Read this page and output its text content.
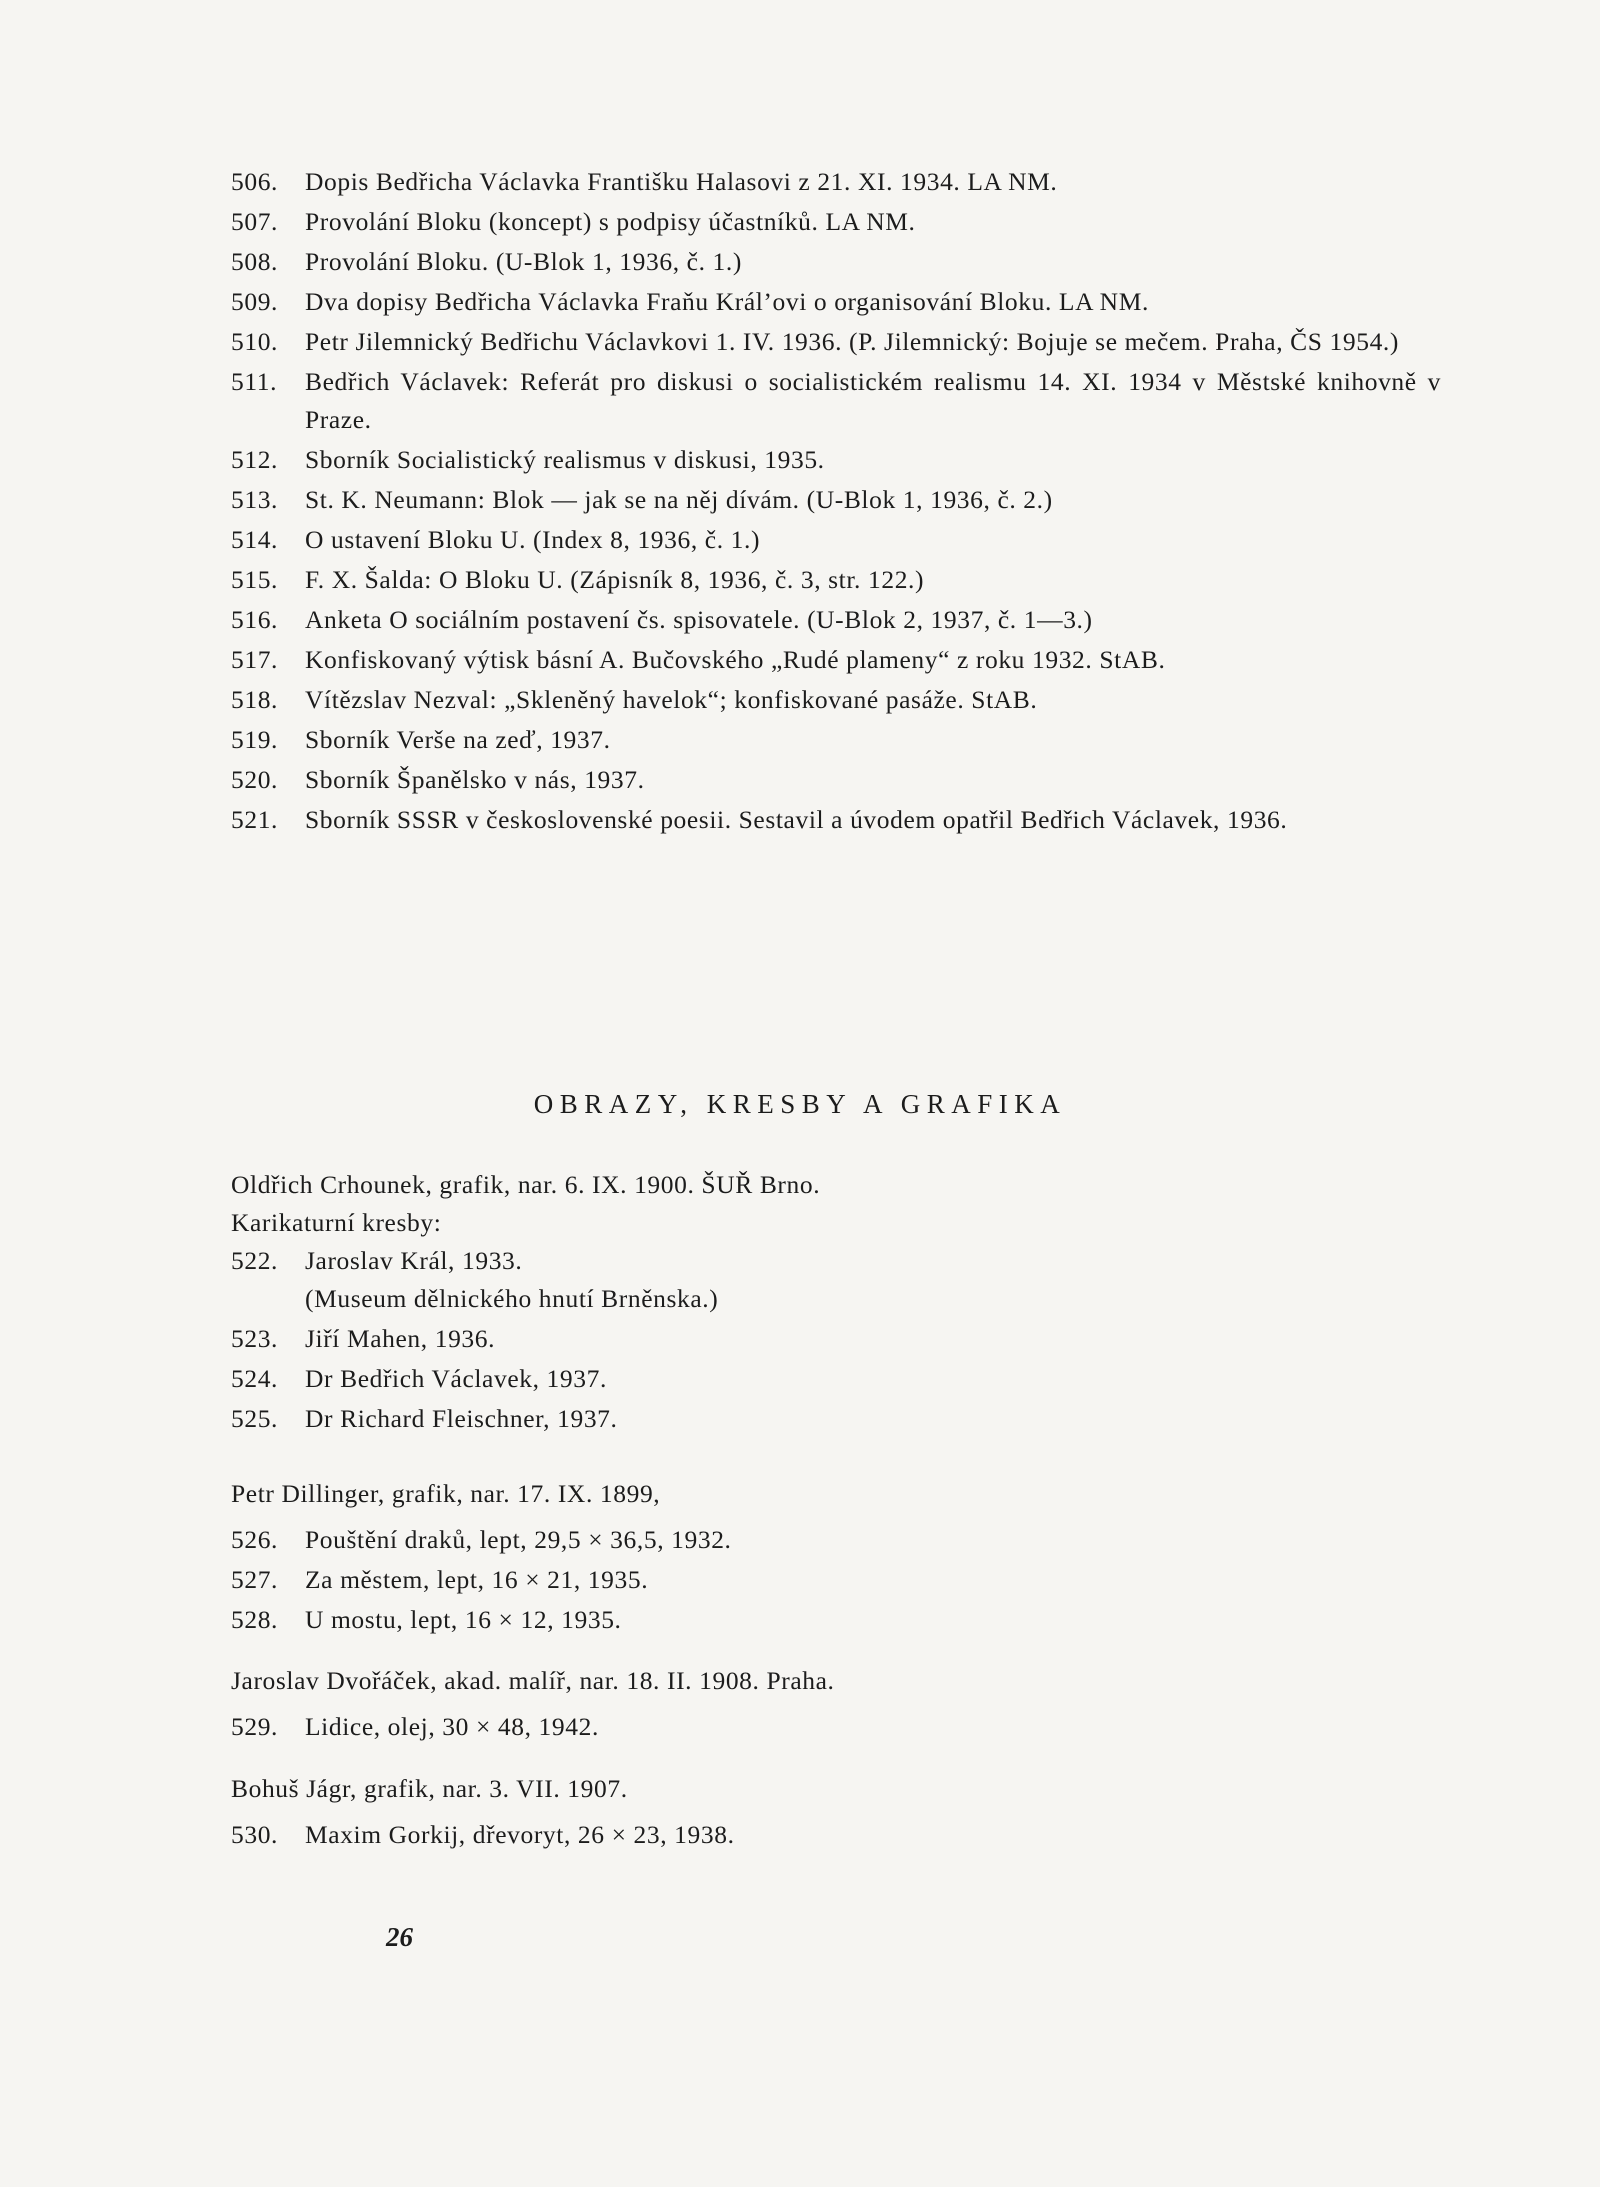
506.	Dopis Bedřicha Václavka Františku Halasovi z 21. XI. 1934. LA NM.
507.	Provolání Bloku (koncept) s podpisy účastníků. LA NM.
508.	Provolání Bloku. (U-Blok 1, 1936, č. 1.)
509.	Dva dopisy Bedřicha Václavka Fraňu Král’ovi o organisování Bloku. LA NM.
510.	Petr Jilemnický Bedřichu Václavkovi 1. IV. 1936. (P. Jilemnický: Bojuje se mečem. Praha, ČS 1954.)
511.	Bedřich Václavek: Referát pro diskusi o socialistickém realismu 14. XI. 1934 v Městské knihovně v Praze.
512.	Sborník Socialistický realismus v diskusi, 1935.
513.	St. K. Neumann: Blok — jak se na něj dívám. (U-Blok 1, 1936, č. 2.)
514.	O ustavení Bloku U. (Index 8, 1936, č. 1.)
515.	F. X. Šalda: O Bloku U. (Zápisník 8, 1936, č. 3, str. 122.)
516.	Anketa O sociálním postavení čs. spisovatele. (U-Blok 2, 1937, č. 1—3.)
517.	Konfiskovaný výtisk básní A. Bučovského „Rudé plameny“ z roku 1932. StAB.
518.	Vítězslav Nezval: „Skleněný havelok“; konfiskované pasáže. StAB.
519.	Sborník Verše na zeď, 1937.
520.	Sborník Španělsko v nás, 1937.
521.	Sborník SSSR v československé poesii. Sestavil a úvodem opatřil Bedřich Václavek, 1936.
OBRAZY, KRESBY A GRAFIKA
Oldřich Crhounek, grafik, nar. 6. IX. 1900. ŠUŘ Brno.
Karikaturní kresby:
522.	Jaroslav Král, 1933.
(Museum dělnického hnutí Brněnska.)
523.	Jiří Mahen, 1936.
524.	Dr Bedřich Václavek, 1937.
525.	Dr Richard Fleischner, 1937.
Petr Dillinger, grafik, nar. 17. IX. 1899,
526.	Pouštění draků, lept, 29,5 × 36,5, 1932.
527.	Za městem, lept, 16 × 21, 1935.
528.	U mostu, lept, 16 × 12, 1935.
Jaroslav Dvořáček, akad. malíř, nar. 18. II. 1908. Praha.
529.	Lidice, olej, 30 × 48, 1942.
Bohuš Jágr, grafik, nar. 3. VII. 1907.
530.	Maxim Gorkij, dřevoryt, 26 × 23, 1938.
26
